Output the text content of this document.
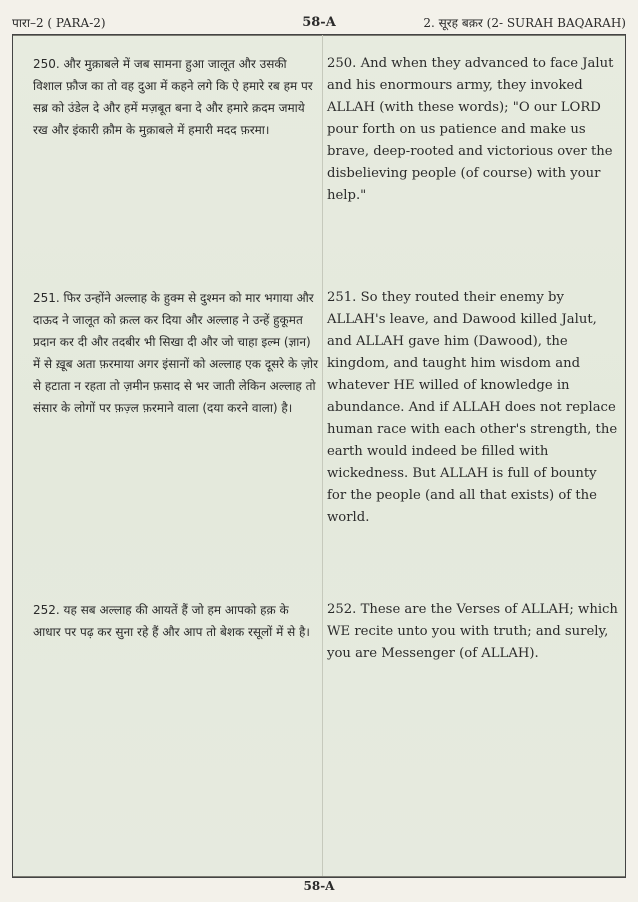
पारा–2 ( PARA-2)	58-A	2. सूरह बक़र (2- SURAH BAQARAH)
250. और मुक़ाबले में जब सामना हुआ जालूत और उसकी विशाल फ़ौज का तो वह दुआ में कहने लगे कि ऐ हमारे रब हम पर सब्र को उंडेल दे और हमें मज़बूत बना दे और हमारे क़दम जमाये रख और इंकारी क़ौम के मुक़ाबले में हमारी मदद फ़रमा।
250. And when they advanced to face Jalut and his enormours army, they invoked ALLAH (with these words); "O our LORD pour forth on us patience and make us brave, deep-rooted and victorious over the disbelieving people (of course) with your help."
251. फिर उन्होंने अल्लाह के हुक्म से दुश्मन को मार भगाया और दाऊद ने जालूत को क़त्ल कर दिया और अल्लाह ने उन्हें हुकूमत प्रदान कर दी और तदबीर भी सिखा दी और जो चाहा इल्म (ज्ञान) में से ख़ूब अता फ़रमाया अगर इंसानों को अल्लाह एक दूसरे के ज़ोर से हटाता न रहता तो ज़मीन फ़साद से भर जाती लेकिन अल्लाह तो संसार के लोगों पर फ़ज़्ल फ़रमाने वाला (दया करने वाला) है।
251. So they routed their enemy by ALLAH's leave, and Dawood killed Jalut, and ALLAH gave him (Dawood), the kingdom, and taught him wisdom and whatever HE willed of knowledge in abundance. And if ALLAH does not replace human race with each other's strength, the earth would indeed be filled with wickedness. But ALLAH is full of bounty for the people (and all that exists) of the world.
252. यह सब अल्लाह की आयतें हैं जो हम आपको हक़ के आधार पर पढ़ कर सुना रहे हैं और आप तो बेशक रसूलों में से है।
252. These are the Verses of ALLAH; which WE recite unto you with truth; and surely, you are Messenger (of ALLAH).
58-A
